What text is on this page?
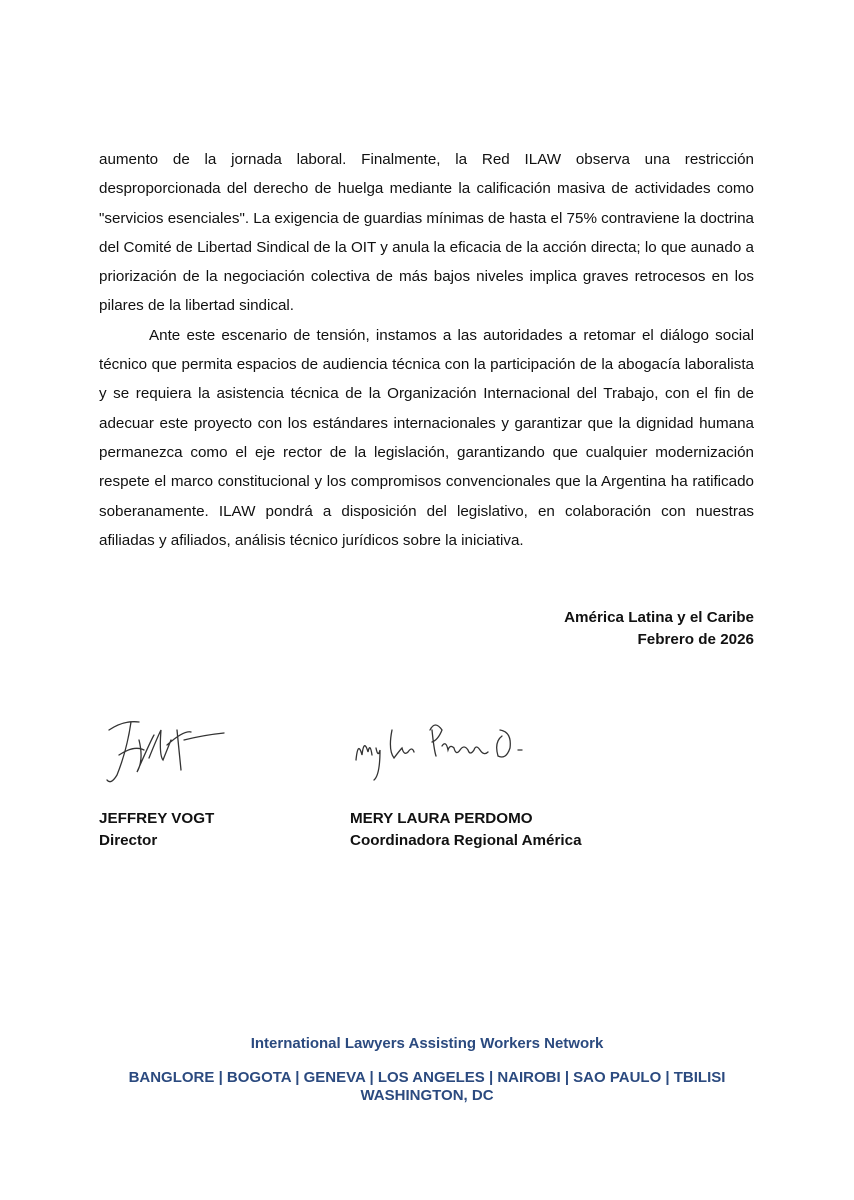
aumento de la jornada laboral. Finalmente, la Red ILAW observa una restricción desproporcionada del derecho de huelga mediante la calificación masiva de actividades como "servicios esenciales". La exigencia de guardias mínimas de hasta el 75% contraviene la doctrina del Comité de Libertad Sindical de la OIT y anula la eficacia de la acción directa; lo que aunado a priorización de la negociación colectiva de más bajos niveles implica graves retrocesos en los pilares de la libertad sindical.

Ante este escenario de tensión, instamos a las autoridades a retomar el diálogo social técnico que permita espacios de audiencia técnica con la participación de la abogacía laboralista y se requiera la asistencia técnica de la Organización Internacional del Trabajo, con el fin de adecuar este proyecto con los estándares internacionales y garantizar que la dignidad humana permanezca como el eje rector de la legislación, garantizando que cualquier modernización respete el marco constitucional y los compromisos convencionales que la Argentina ha ratificado soberanamente. ILAW pondrá a disposición del legislativo, en colaboración con nuestras afiliadas y afiliados, análisis técnico jurídicos sobre la iniciativa.

América Latina y el Caribe
Febrero de 2026
JEFFREY VOGT
Director
MERY LAURA PERDOMO
Coordinadora Regional América
International Lawyers Assisting Workers Network
BANGLORE | BOGOTA | GENEVA | LOS ANGELES | NAIROBI | SAO PAULO | TBILISI
WASHINGTON, DC
